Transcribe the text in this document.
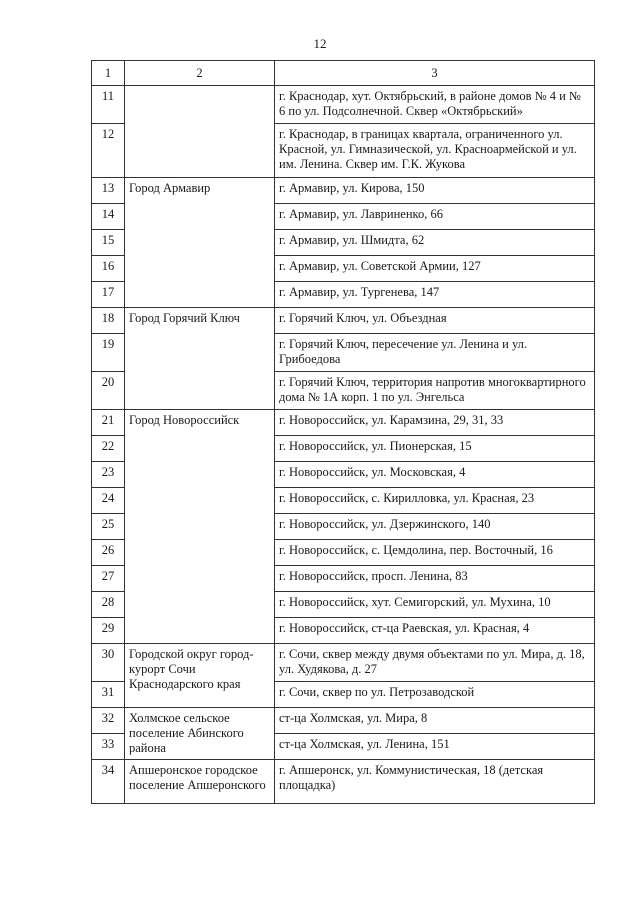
12
1	2	3
11		г. Краснодар, хут. Октябрьский, в районе домов № 4 и № 6 по ул. Подсолнечной. Сквер «Октябрьский»
12		г. Краснодар, в границах квартала, ограниченного ул. Красной, ул. Гимназической, ул. Красноармейской и ул. им. Ленина. Сквер им. Г.К. Жукова
13	Город Армавир	г. Армавир, ул. Кирова, 150
14		г. Армавир, ул. Лавриненко, 66
15		г. Армавир, ул. Шмидта, 62
16		г. Армавир, ул. Советской Армии, 127
17		г. Армавир, ул. Тургенева, 147
18	Город Горячий Ключ	г. Горячий Ключ, ул. Объездная
19		г. Горячий Ключ, пересечение ул. Ленина и ул. Грибоедова
20		г. Горячий Ключ, территория напротив многоквартирного дома № 1А корп. 1 по ул. Энгельса
21	Город Новороссийск	г. Новороссийск, ул. Карамзина, 29, 31, 33
22		г. Новороссийск, ул. Пионерская, 15
23		г. Новороссийск, ул. Московская, 4
24		г. Новороссийск, с. Кирилловка, ул. Красная, 23
25		г. Новороссийск, ул. Дзержинского, 140
26		г. Новороссийск, с. Цемдолина, пер. Восточный, 16
27		г. Новороссийск, просп. Ленина, 83
28		г. Новороссийск, хут. Семигорский, ул. Мухина, 10
29		г. Новороссийск, ст-ца Раевская, ул. Красная, 4
30	Городской округ город-курорт Сочи Краснодарского края	г. Сочи, сквер между двумя объектами по ул. Мира, д. 18, ул. Худякова, д. 27
31		г. Сочи, сквер по ул. Петрозаводской
32	Холмское сельское поселение Абинского района	ст-ца Холмская, ул. Мира, 8
33		ст-ца Холмская, ул. Ленина, 151
34	Апшеронское городское поселение Апшеронского	г. Апшеронск, ул. Коммунистическая, 18 (детская площадка)
